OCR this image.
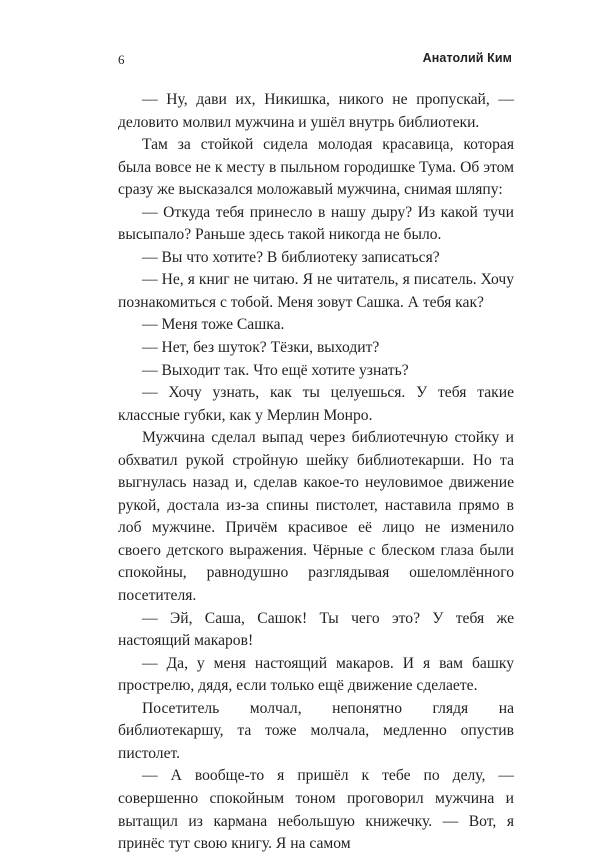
6	Анатолий Ким

— Ну, дави их, Никишка, никого не пропускай, — деловито молвил мужчина и ушёл внутрь библиотеки.

Там за стойкой сидела молодая красавица, которая была вовсе не к месту в пыльном городишке Тума. Об этом сразу же высказался моложавый мужчина, снимая шляпу:

— Откуда тебя принесло в нашу дыру? Из какой тучи высыпало? Раньше здесь такой никогда не было.

— Вы что хотите? В библиотеку записаться?

— Не, я книг не читаю. Я не читатель, я писатель. Хочу познакомиться с тобой. Меня зовут Сашка. А тебя как?

— Меня тоже Сашка.

— Нет, без шуток? Тёзки, выходит?

— Выходит так. Что ещё хотите узнать?

— Хочу узнать, как ты целуешься. У тебя такие классные губки, как у Мерлин Монро.

Мужчина сделал выпад через библиотечную стойку и обхватил рукой стройную шейку библиотекарши. Но та выгнулась назад и, сделав какое-то неуловимое движение рукой, достала из-за спины пистолет, наставила прямо в лоб мужчине. Причём красивое её лицо не изменило своего детского выражения. Чёрные с блеском глаза были спокойны, равнодушно разглядывая ошеломлённого посетителя.

— Эй, Саша, Сашок! Ты чего это? У тебя же настоящий макаров!

— Да, у меня настоящий макаров. И я вам башку прострелю, дядя, если только ещё движение сделаете.

Посетитель молчал, непонятно глядя на библиотекаршу, та тоже молчала, медленно опустив пистолет.

— А вообще-то я пришёл к тебе по делу, — совершенно спокойным тоном проговорил мужчина и вытащил из кармана небольшую книжечку. — Вот, я принёс тут свою книгу. Я на самом
